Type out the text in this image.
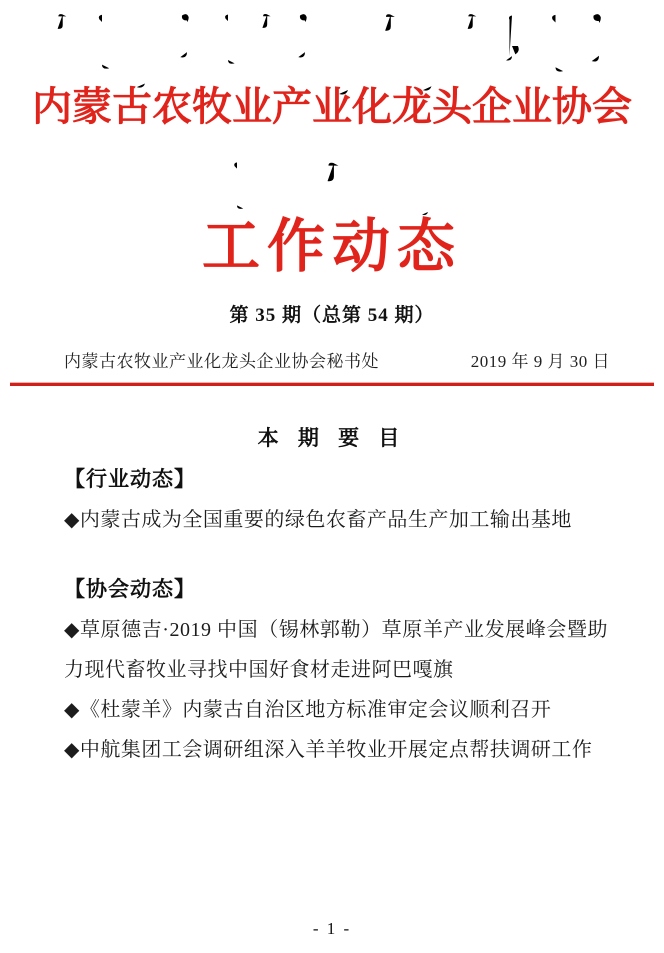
内蒙古农牧业产业化龙头企业协会
工作动态
第 35 期（总第 54 期）
内蒙古农牧业产业化龙头企业协会秘书处	2019 年 9 月 30 日
本 期 要 目
【行业动态】
◆内蒙古成为全国重要的绿色农畜产品生产加工输出基地
【协会动态】
◆草原德吉·2019 中国（锡林郭勒）草原羊产业发展峰会暨助力现代畜牧业寻找中国好食材走进阿巴嘎旗
◆《杜蒙羊》内蒙古自治区地方标准审定会议顺利召开
◆中航集团工会调研组深入羊羊牧业开展定点帮扶调研工作
- 1 -
